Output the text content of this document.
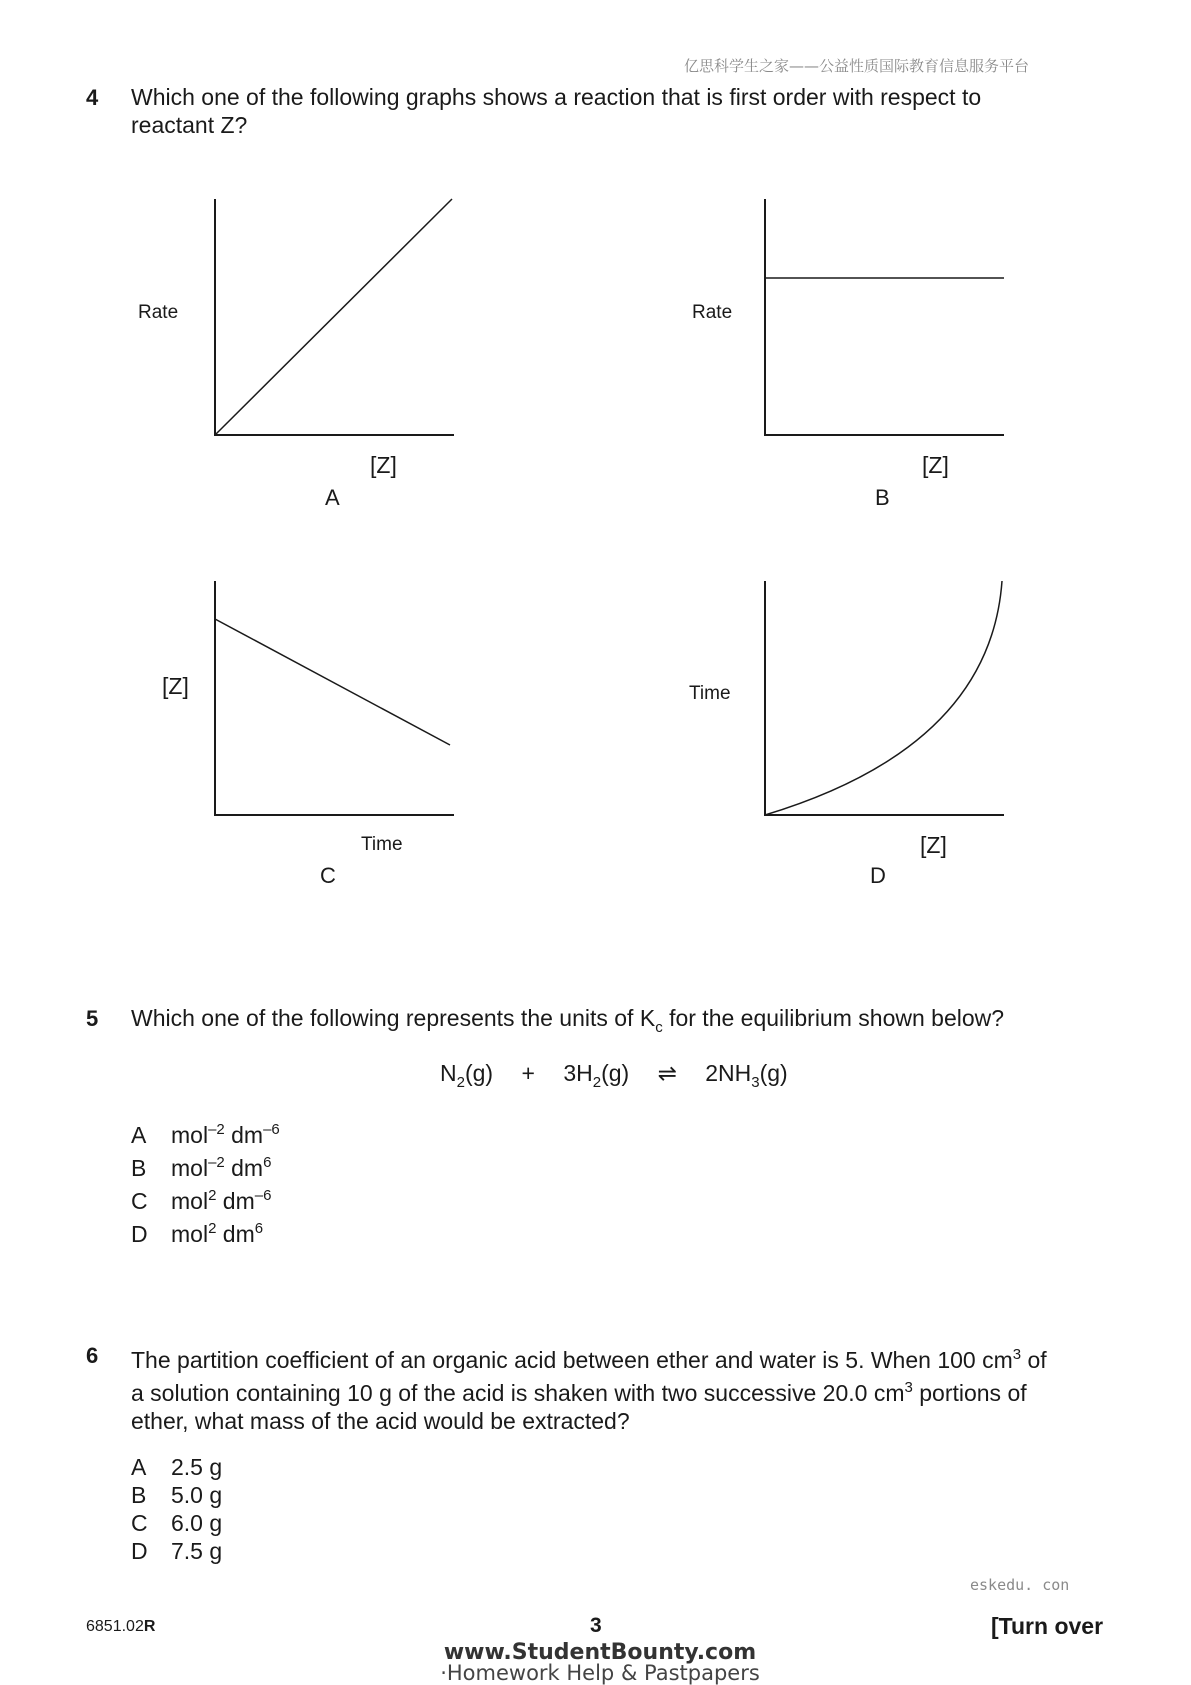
亿思科学生之家——公益性质国际教育信息服务平台
4 Which one of the following graphs shows a reaction that is first order with respect to
reactant Z?
Rate
[Z]
A
Rate
[Z]
B
[Z]
Time
C
Time
[Z]
D
5 Which one of the following represents the units of $K_c$ for the equilibrium shown below?
$N_2(g) + 3H_2(g)$ ⇌ $2NH_3(g)$
A mol$^{-2}$ $dm^{-6}$
B mol$^{-2}$ $dm^6$
C mol$^2$ $dm^{-6}$
D mol$^2$ $dm^6$
6 The partition coefficient of an organic acid between ether and water is 5. When 100 $cm^3$ of
a solution containing 10 g of the acid is shaken with two successive 20.0 $cm^3$ portions of
ether, what mass of the acid would be extracted?
A 2.5 g
B 5.0 g
C 6.0 g
D 7.5 g
eskedu. con
6851.02R	3	[Turn over
www.StudentBounty.com
·Homework Help & Pastpapers
